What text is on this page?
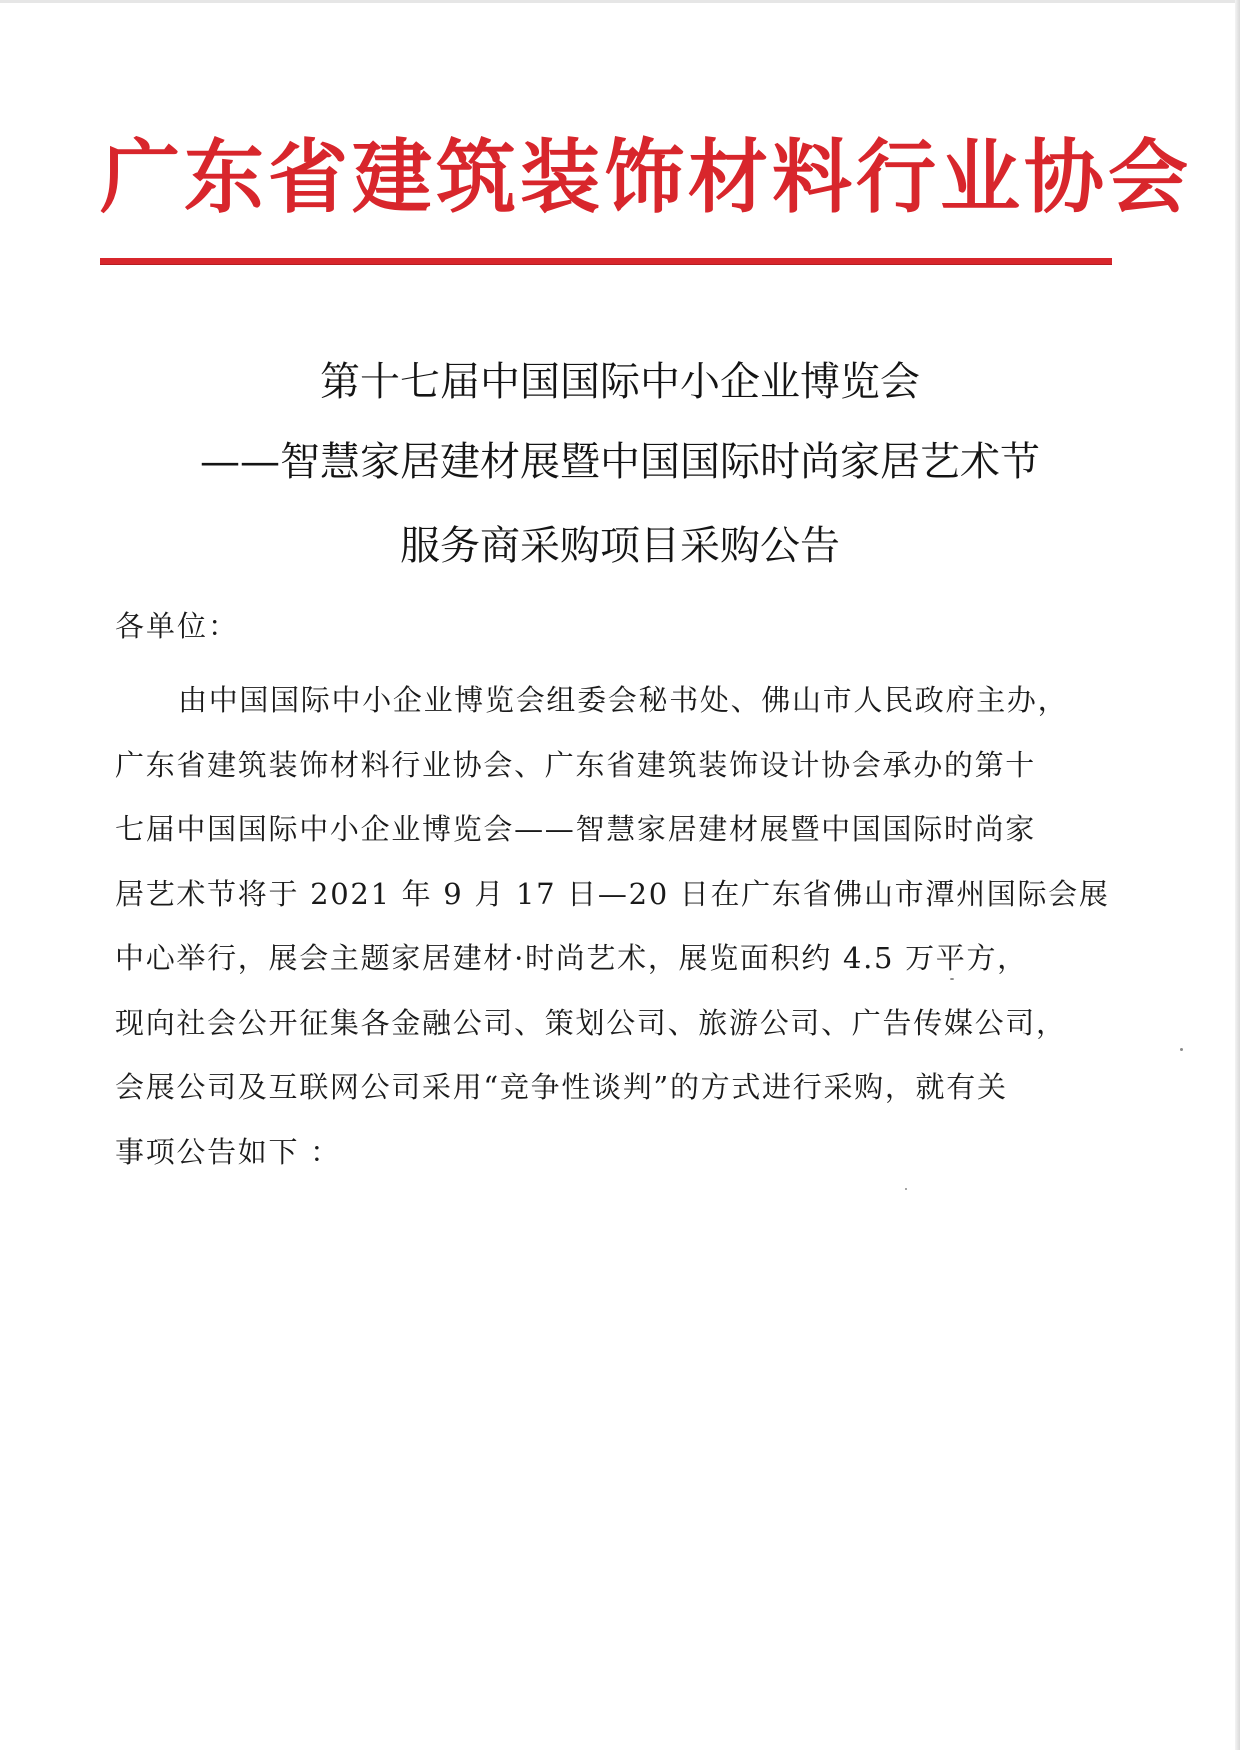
广东省建筑装饰材料行业协会
第十七届中国国际中小企业博览会
——智慧家居建材展暨中国国际时尚家居艺术节
服务商采购项目采购公告
各单位：
由中国国际中小企业博览会组委会秘书处、佛山市人民政府主办，
广东省建筑装饰材料行业协会、广东省建筑装饰设计协会承办的第十
七届中国国际中小企业博览会——智慧家居建材展暨中国国际时尚家
居艺术节将于 2021 年 9 月 17 日—20 日在广东省佛山市潭州国际会展
中心举行，展会主题家居建材·时尚艺术，展览面积约 4.5 万平方，
现向社会公开征集各金融公司、策划公司、旅游公司、广告传媒公司，
会展公司及互联网公司采用“竞争性谈判”的方式进行采购，就有关
事项公告如下 ：
